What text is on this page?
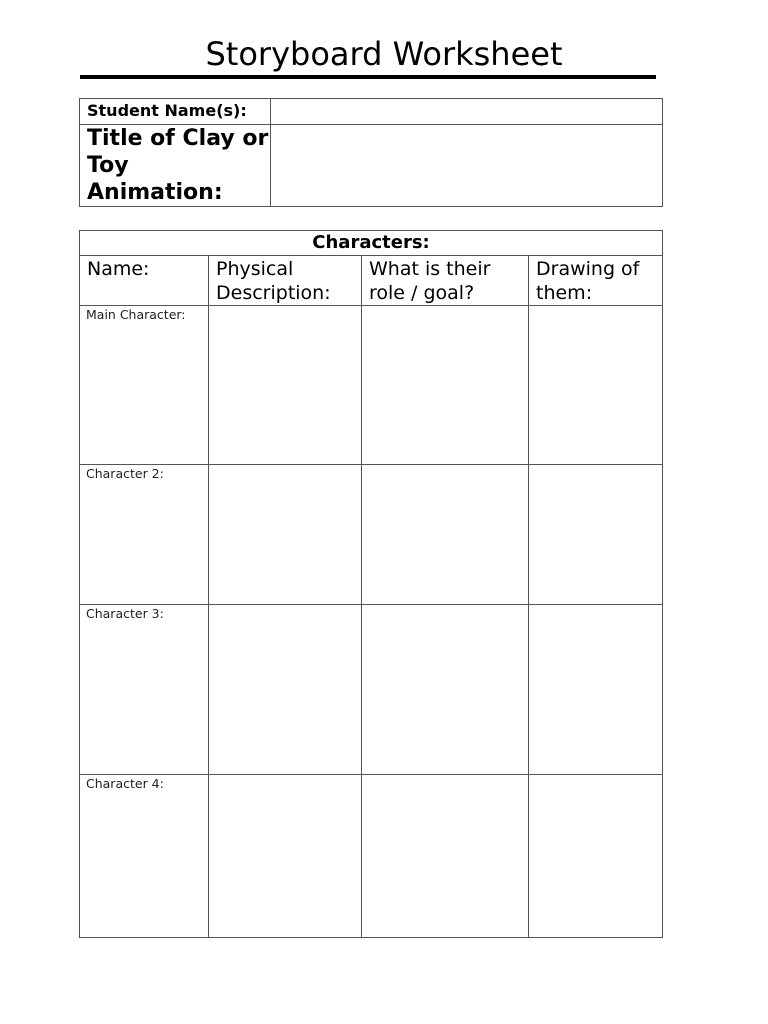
Storyboard Worksheet
Student Name(s):	
Title of Clay or Toy Animation:	
Characters:			
Name:	Physical Description:	What is their role / goal?	Drawing of them:
Main Character:			
Character 2:			
Character 3:			
Character 4:			
